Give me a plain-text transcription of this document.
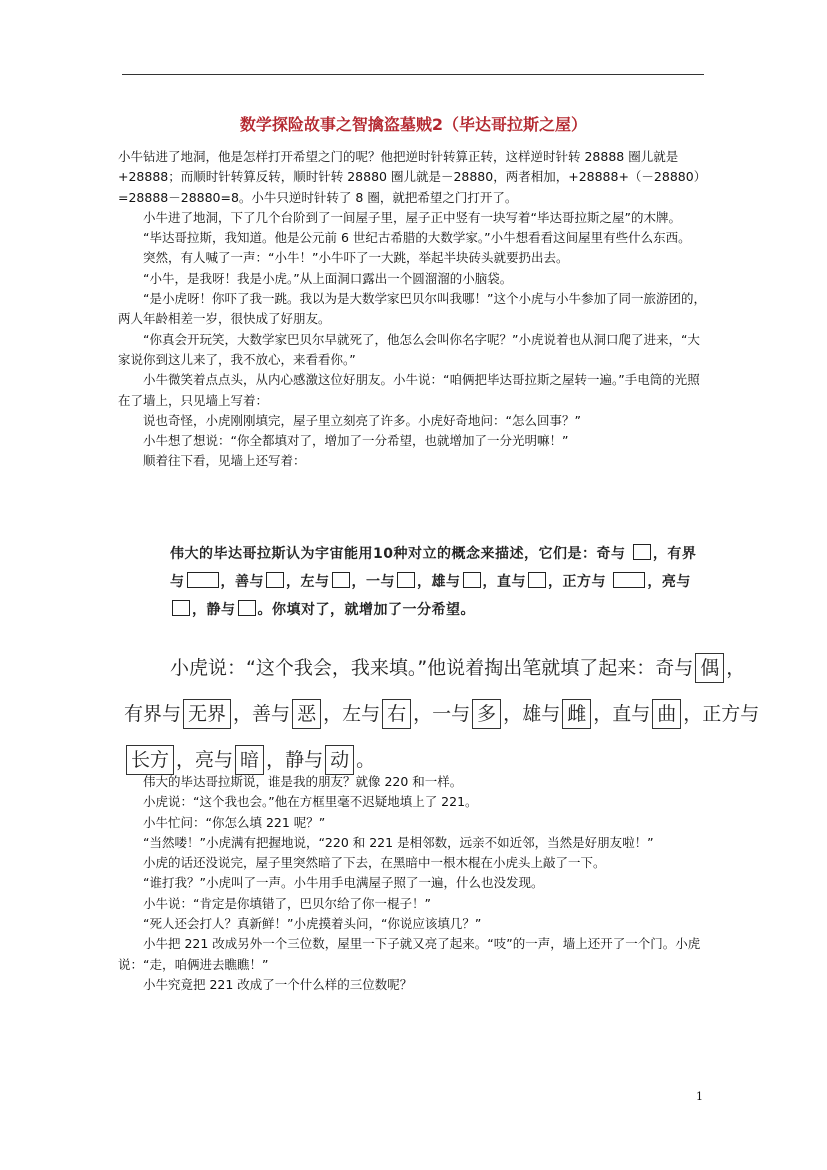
数学探险故事之智擒盗墓贼2（毕达哥拉斯之屋）

小牛钻进了地洞，他是怎样打开希望之门的呢？他把逆时针转算正转，这样逆时针转 28888 圈儿就是+28888；而顺时针转算反转，顺时针转 28880 圈儿就是－28880，两者相加，+28888+（－28880）=28888－28880=8。小牛只逆时针转了 8 圈，就把希望之门打开了。

小牛进了地洞，下了几个台阶到了一间屋子里，屋子正中竖有一块写着“毕达哥拉斯之屋”的木牌。

“毕达哥拉斯，我知道。他是公元前 6 世纪古希腊的大数学家。”小牛想看看这间屋里有些什么东西。

突然，有人喊了一声：“小牛！”小牛吓了一大跳，举起半块砖头就要扔出去。

“小牛，是我呀！我是小虎。”从上面洞口露出一个圆溜溜的小脑袋。

“是小虎呀！你吓了我一跳。我以为是大数学家巴贝尔叫我哪！”这个小虎与小牛参加了同一旅游团的，两人年龄相差一岁，很快成了好朋友。

“你真会开玩笑，大数学家巴贝尔早就死了，他怎么会叫你名字呢？”小虎说着也从洞口爬了进来，“大家说你到这儿来了，我不放心，来看看你。”

小牛微笑着点点头，从内心感激这位好朋友。小牛说：“咱俩把毕达哥拉斯之屋转一遍。”手电筒的光照在了墙上，只见墙上写着：

说也奇怪，小虎刚刚填完，屋子里立刻亮了许多。小虎好奇地问：“怎么回事？”

小牛想了想说：“你全都填对了，增加了一分希望，也就增加了一分光明嘛！”

顺着往下看，见墙上还写着：

伟大的毕达哥拉斯认为宇宙能用10种对立的概念来描述，它们是：奇与 ，有界与	，善与 ，左与 ，一与 ，雄与 ，直与 ，正方与	，亮与，静与 。你填对了，就增加了一分希望。
小虎说：“这个我会，我来填。”他说着掏出笔就填了起来：奇与 偶 ，
有界与 无界 ，善与 恶 ，左与 右 ，一与 多 ，雄与 雌 ，直与 曲 ，正方与
长方 ，亮与 暗 ，静与 动 。

伟大的毕达哥拉斯说，谁是我的朋友？就像 220 和一样。

小虎说：“这个我也会。”他在方框里毫不迟疑地填上了 221。

小牛忙问：“你怎么填 221 呢？”

“当然喽！”小虎满有把握地说，“220 和 221 是相邻数，远亲不如近邻，当然是好朋友啦！”

小虎的话还没说完，屋子里突然暗了下去，在黑暗中一根木棍在小虎头上敲了一下。

“谁打我？”小虎叫了一声。小牛用手电满屋子照了一遍，什么也没发现。

小牛说：“肯定是你填错了，巴贝尔给了你一棍子！”

“死人还会打人？真新鲜！”小虎摸着头问，“你说应该填几？”

小牛把 221 改成另外一个三位数，屋里一下子就又亮了起来。“吱”的一声，墙上还开了一个门。小虎说：“走，咱俩进去瞧瞧！”

小牛究竟把 221 改成了一个什么样的三位数呢？

1
